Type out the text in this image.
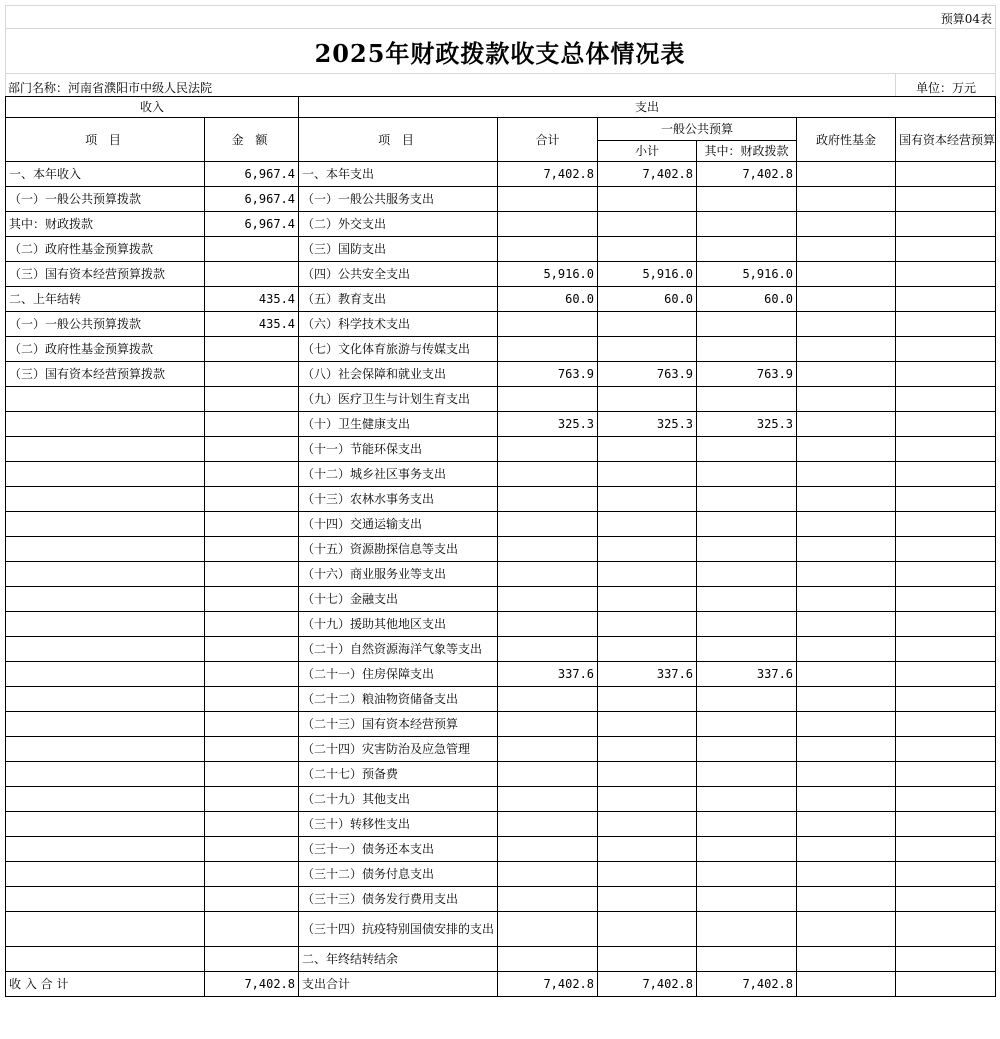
预算04表
2025年财政拨款收支总体情况表
部门名称：河南省濮阳市中级人民法院	单位：万元
收入		支出					
项 目	金 额	项 目	合计	一般公共预算		政府性基金	国有资本经营预算
				小计	其中：财政拨款		
一、本年收入	6,967.4	一、本年支出	7,402.8	7,402.8	7,402.8		
（一）一般公共预算拨款	6,967.4	（一）一般公共服务支出					
其中：财政拨款	6,967.4	（二）外交支出					
（二）政府性基金预算拨款		（三）国防支出					
（三）国有资本经营预算拨款		（四）公共安全支出	5,916.0	5,916.0	5,916.0		
二、上年结转	435.4	（五）教育支出	60.0	60.0	60.0		
（一）一般公共预算拨款	435.4	（六）科学技术支出					
（二）政府性基金预算拨款		（七）文化体育旅游与传媒支出					
（三）国有资本经营预算拨款		（八）社会保障和就业支出	763.9	763.9	763.9		
		（九）医疗卫生与计划生育支出					
		（十）卫生健康支出	325.3	325.3	325.3		
		（十一）节能环保支出					
		（十二）城乡社区事务支出					
		（十三）农林水事务支出					
		（十四）交通运输支出					
		（十五）资源勘探信息等支出					
		（十六）商业服务业等支出					
		（十七）金融支出					
		（十九）援助其他地区支出					
		（二十）自然资源海洋气象等支出					
		（二十一）住房保障支出	337.6	337.6	337.6		
		（二十二）粮油物资储备支出					
		（二十三）国有资本经营预算					
		（二十四）灾害防治及应急管理					
		（二十七）预备费					
		（二十九）其他支出					
		（三十）转移性支出					
		（三十一）债务还本支出					
		（三十二）债务付息支出					
		（三十三）债务发行费用支出					
		（三十四）抗疫特别国债安排的支出					
		二、年终结转结余					
收 入 合 计	7,402.8	支出合计	7,402.8	7,402.8	7,402.8		
